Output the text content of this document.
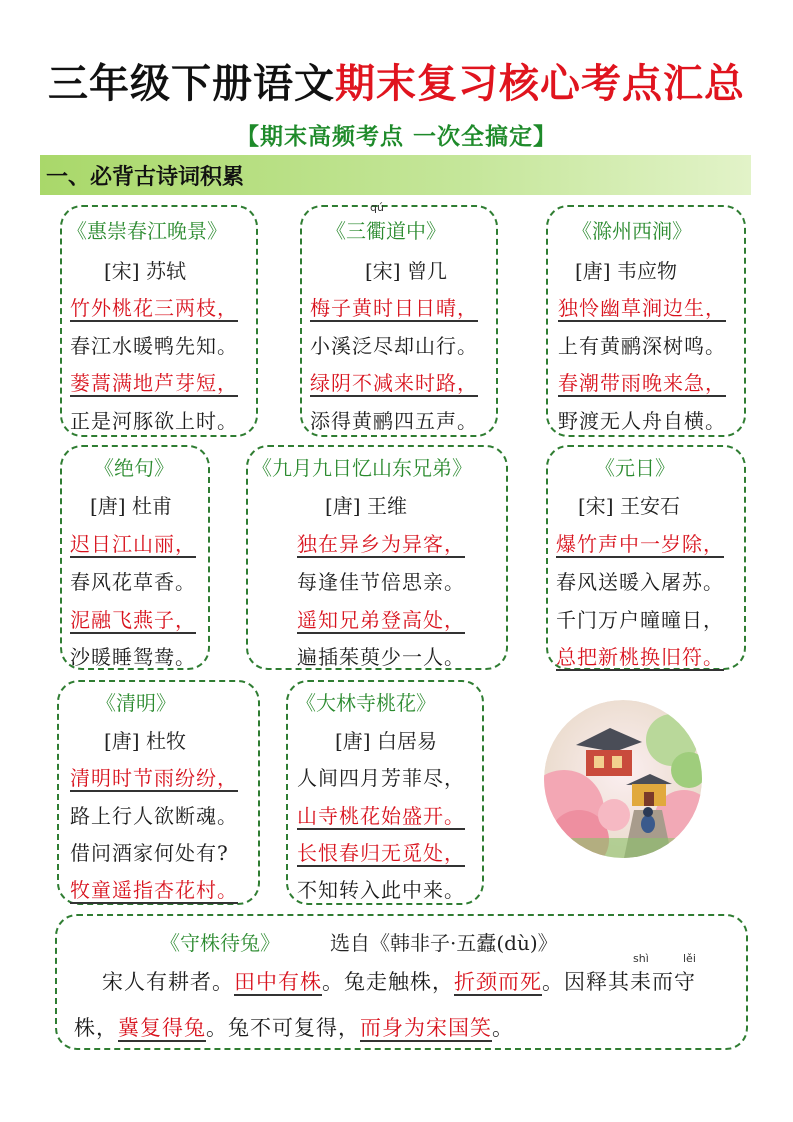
三年级下册语文期末复习核心考点汇总
【期末高频考点 一次全搞定】
一、必背古诗词积累
《惠崇春江晚景》
[宋] 苏轼
竹外桃花三两枝，
春江水暖鸭先知。
蒌蒿满地芦芽短，
正是河豚欲上时。
qú
《三衢道中》
[宋] 曾几
梅子黄时日日晴，
小溪泛尽却山行。
绿阴不减来时路，
添得黄鹂四五声。
《滁州西涧》
[唐] 韦应物
独怜幽草涧边生，
上有黄鹂深树鸣。
春潮带雨晚来急，
野渡无人舟自横。
《绝句》
[唐] 杜甫
迟日江山丽，
春风花草香。
泥融飞燕子，
沙暖睡鸳鸯。
《九月九日忆山东兄弟》
[唐] 王维
独在异乡为异客，
每逢佳节倍思亲。
遥知兄弟登高处，
遍插茱萸少一人。
《元日》
[宋] 王安石
爆竹声中一岁除，
春风送暖入屠苏。
千门万户曈曈日，
总把新桃换旧符。
《清明》
[唐] 杜牧
清明时节雨纷纷，
路上行人欲断魂。
借问酒家何处有?
牧童遥指杏花村。
《大林寺桃花》
[唐] 白居易
人间四月芳菲尽，
山寺桃花始盛开。
长恨春归无觅处，
不知转入此中来。
《守株待兔》	选自《韩非子·五蠹(dù)》
shì	lěi
宋人有耕者。田中有株。兔走触株，折颈而死。因释其耒而守
株，冀复得兔。兔不可复得，而身为宋国笑。
